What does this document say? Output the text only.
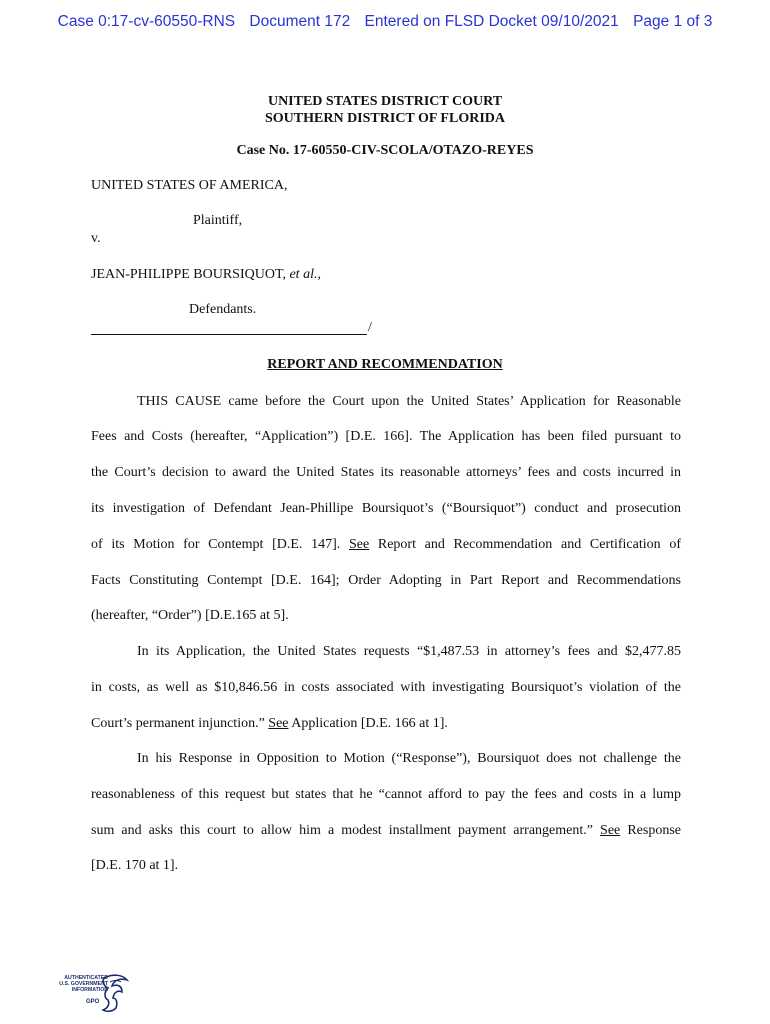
Case 0:17-cv-60550-RNS Document 172 Entered on FLSD Docket 09/10/2021 Page 1 of 3
UNITED STATES DISTRICT COURT
SOUTHERN DISTRICT OF FLORIDA
Case No. 17-60550-CIV-SCOLA/OTAZO-REYES
UNITED STATES OF AMERICA,
Plaintiff,
v.
JEAN-PHILIPPE BOURSIQUOT, et al.,
Defendants.
/
REPORT AND RECOMMENDATION
THIS CAUSE came before the Court upon the United States’ Application for Reasonable
Fees and Costs (hereafter, “Application”) [D.E. 166]. The Application has been filed pursuant to
the Court’s decision to award the United States its reasonable attorneys’ fees and costs incurred in
its investigation of Defendant Jean-Phillipe Boursiquot’s (“Boursiquot”) conduct and prosecution
of its Motion for Contempt [D.E. 147]. See Report and Recommendation and Certification of
Facts Constituting Contempt [D.E. 164]; Order Adopting in Part Report and Recommendations
(hereafter, “Order”) [D.E.165 at 5].
In its Application, the United States requests “$1,487.53 in attorney’s fees and $2,477.85
in costs, as well as $10,846.56 in costs associated with investigating Boursiquot’s violation of the
Court’s permanent injunction.” See Application [D.E. 166 at 1].
In his Response in Opposition to Motion (“Response”), Boursiquot does not challenge the
reasonableness of this request but states that he “cannot afford to pay the fees and costs in a lump
sum and asks this court to allow him a modest installment payment arrangement.” See Response
[D.E. 170 at 1].
AUTHENTICATED
U.S. GOVERNMENT
INFORMATION
GPO
